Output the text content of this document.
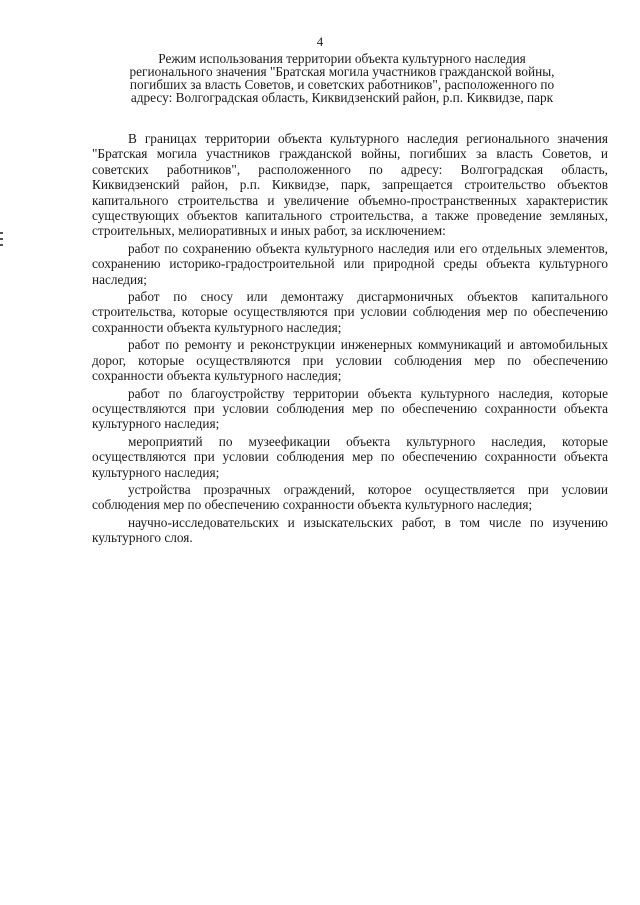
4
Режим использования территории объекта культурного наследия
регионального значения "Братская могила участников гражданской войны,
погибших за власть Советов, и советских работников", расположенного по
адресу: Волгоградская область, Киквидзенский район, р.п. Киквидзе, парк

В границах территории объекта культурного наследия регионального значения "Братская могила участников гражданской войны, погибших за власть Советов, и советских работников", расположенного по адресу: Волгоградская область, Киквидзенский район, р.п. Киквидзе, парк, запрещается строительство объектов капитального строительства и увеличение объемно-пространственных характеристик существующих объектов капитального строительства, а также проведение земляных, строительных, мелиоративных и иных работ, за исключением:

работ по сохранению объекта культурного наследия или его отдельных элементов, сохранению историко-градостроительной или природной среды объекта культурного наследия;

работ по сносу или демонтажу дисгармоничных объектов капитального строительства, которые осуществляются при условии соблюдения мер по обеспечению сохранности объекта культурного наследия;

работ по ремонту и реконструкции инженерных коммуникаций и автомобильных дорог, которые осуществляются при условии соблюдения мер по обеспечению сохранности объекта культурного наследия;

работ по благоустройству территории объекта культурного наследия, которые осуществляются при условии соблюдения мер по обеспечению сохранности объекта культурного наследия;

мероприятий по музеефикации объекта культурного наследия, которые осуществляются при условии соблюдения мер по обеспечению сохранности объекта культурного наследия;

устройства прозрачных ограждений, которое осуществляется при условии соблюдения мер по обеспечению сохранности объекта культурного наследия;

научно-исследовательских и изыскательских работ, в том числе по изучению культурного слоя.
